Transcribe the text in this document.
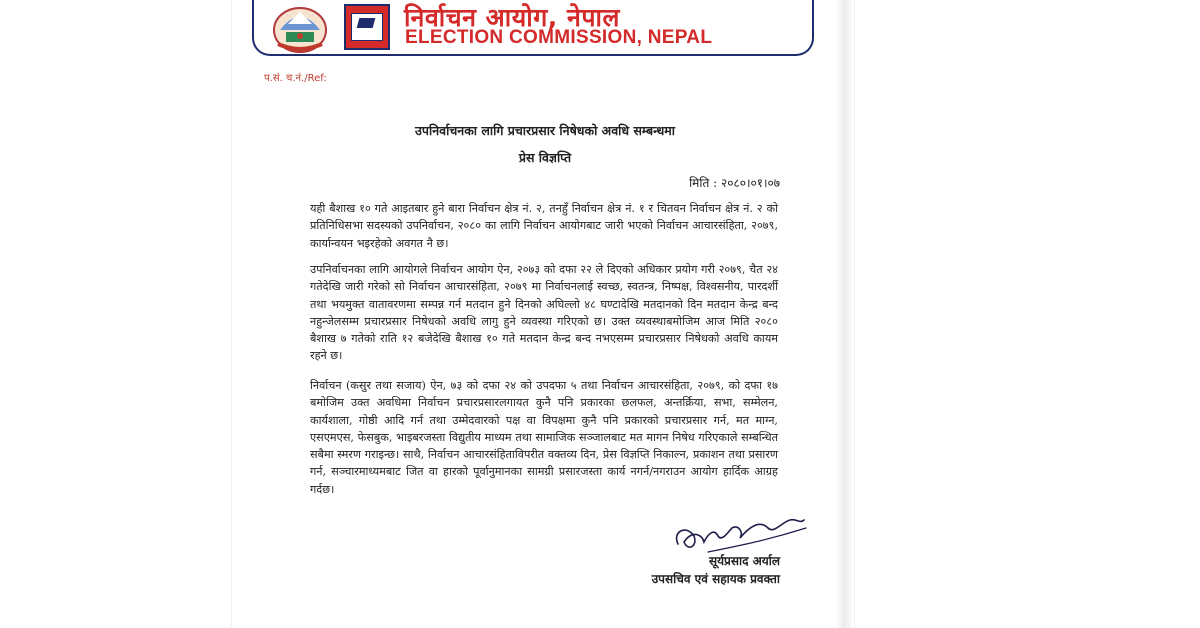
निर्वाचन आयोग, नेपाल
ELECTION COMMISSION, NEPAL
प.सं. च.नं./Ref:
उपनिर्वाचनका लागि प्रचारप्रसार निषेधको अवधि सम्बन्धमा
प्रेस विज्ञप्ति
मिति : २०८०।०१।०७

यही बैशाख १० गते आइतबार हुने बारा निर्वाचन क्षेत्र नं. २, तनहुँ निर्वाचन क्षेत्र नं. १ र चितवन निर्वाचन क्षेत्र नं. २ को प्रतिनिधिसभा सदस्यको उपनिर्वाचन, २०८० का लागि निर्वाचन आयोगबाट जारी भएको निर्वाचन आचारसंहिता, २०७९, कार्यान्वयन भइरहेको अवगत नै छ।

उपनिर्वाचनका लागि आयोगले निर्वाचन आयोग ऐन, २०७३ को दफा २२ ले दिएको अधिकार प्रयोग गरी २०७९, चैत २४ गतेदेखि जारी गरेको सो निर्वाचन आचारसंहिता, २०७९ मा निर्वाचनलाई स्वच्छ, स्वतन्त्र, निष्पक्ष, विश्वसनीय, पारदर्शी तथा भयमुक्त वातावरणमा सम्पन्न गर्न मतदान हुने दिनको अघिल्लो ४८ घण्टादेखि मतदानको दिन मतदान केन्द्र बन्द नहुन्जेलसम्म प्रचारप्रसार निषेधको अवधि लागु हुने व्यवस्था गरिएको छ। उक्त व्यवस्थाबमोजिम आज मिति २०८० बैशाख ७ गतेको राति १२ बजेदेखि बैशाख १० गते मतदान केन्द्र बन्द नभएसम्म प्रचारप्रसार निषेधको अवधि कायम रहने छ।

निर्वाचन (कसुर तथा सजाय) ऐन, ७३ को दफा २४ को उपदफा ५ तथा निर्वाचन आचारसंहिता, २०७९, को दफा १७ बमोजिम उक्त अवधिमा निर्वाचन प्रचारप्रसारलगायत कुनै पनि प्रकारका छलफल, अन्तर्क्रिया, सभा, सम्मेलन, कार्यशाला, गोष्ठी आदि गर्न तथा उम्मेदवारको पक्ष वा विपक्षमा कुनै पनि प्रकारको प्रचारप्रसार गर्न, मत माग्न, एसएमएस, फेसबुक, भाइबरजस्ता विद्युतीय माध्यम तथा सामाजिक सञ्जालबाट मत मागन निषेध गरिएकाले सम्बन्धित सबैमा स्मरण गराइन्छ। साथै, निर्वाचन आचारसंहिताविपरीत वक्तव्य दिन, प्रेस विज्ञप्ति निकाल्न, प्रकाशन तथा प्रसारण गर्न, सञ्चारमाध्यमबाट जित वा हारको पूर्वानुमानका सामग्री प्रसारजस्ता कार्य नगर्न/नगराउन आयोग हार्दिक आग्रह गर्दछ।

सूर्यप्रसाद अर्याल
उपसचिव एवं सहायक प्रवक्ता
